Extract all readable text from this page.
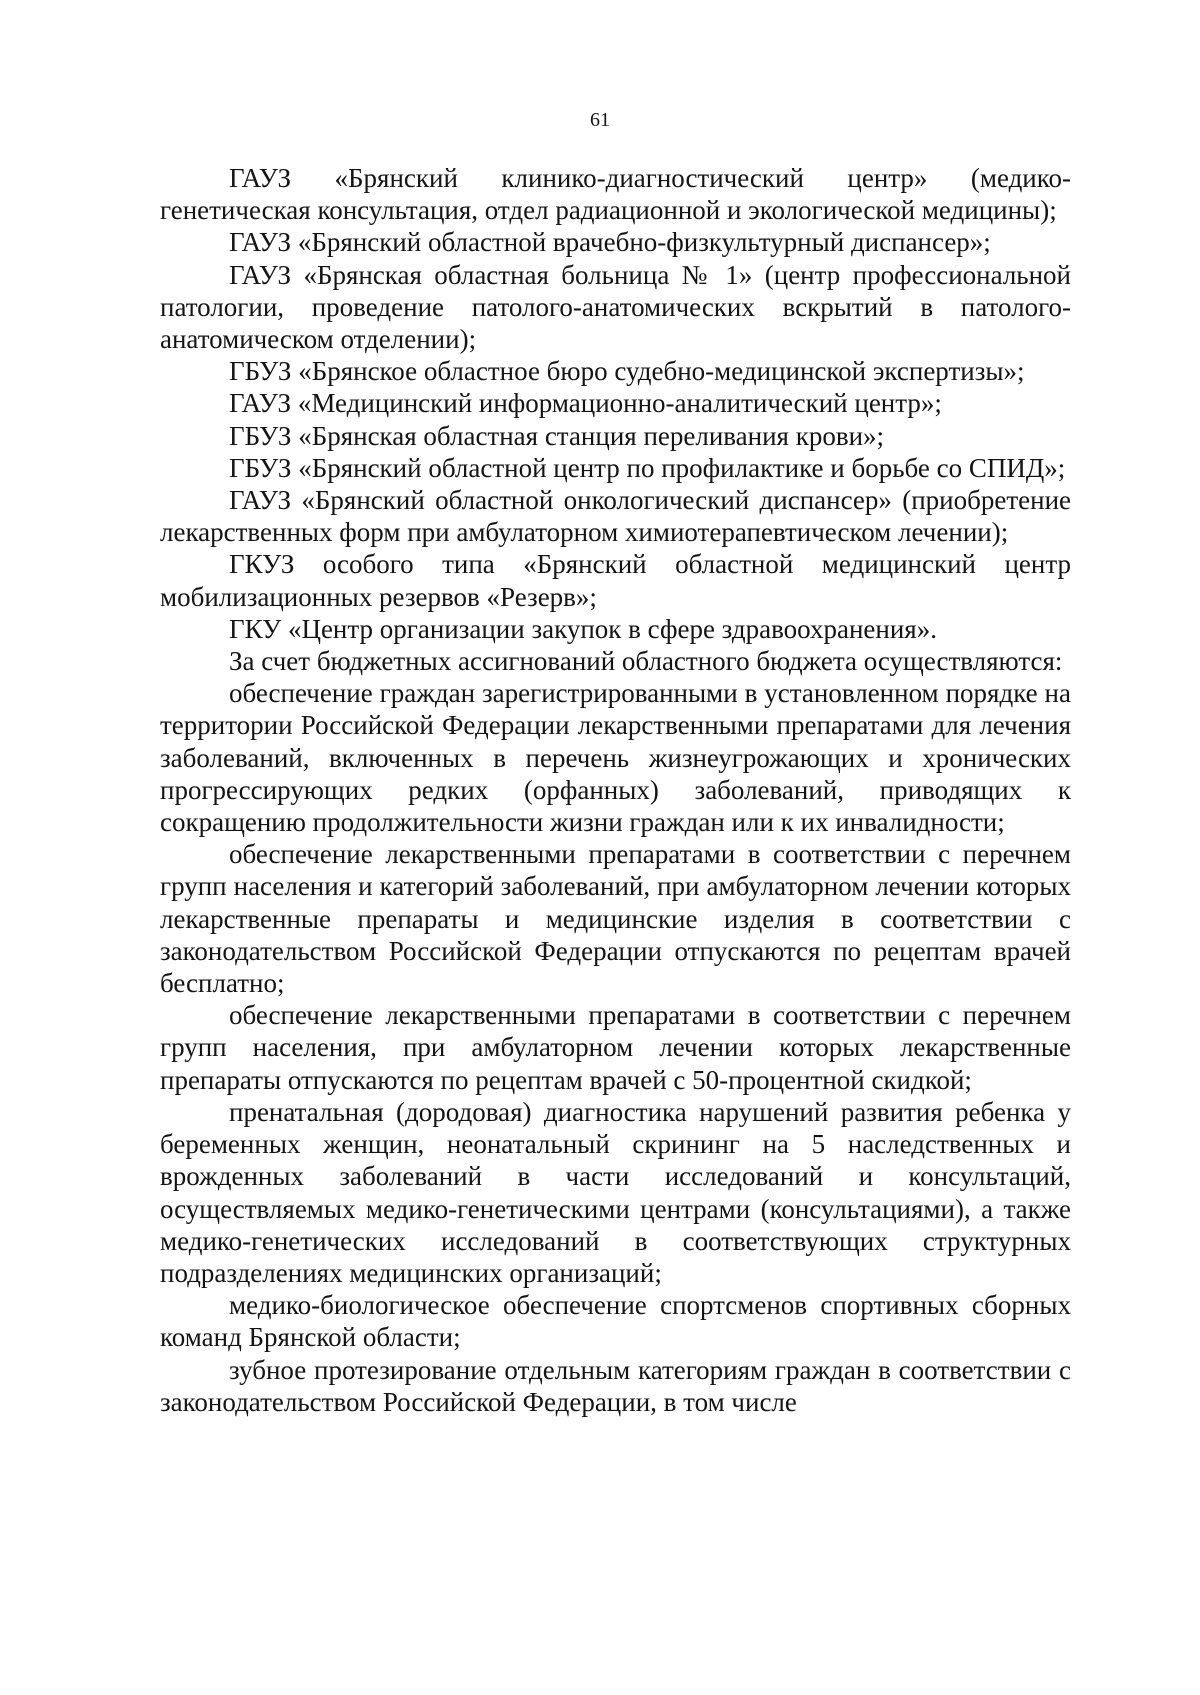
61

ГАУЗ «Брянский клинико-диагностический центр» (медико-генетическая консультация, отдел радиационной и экологической медицины);

ГАУЗ «Брянский областной врачебно-физкультурный диспансер»;

ГАУЗ «Брянская областная больница № 1» (центр профессиональной патологии, проведение патолого-анатомических вскрытий в патолого-анатомическом отделении);

ГБУЗ «Брянское областное бюро судебно-медицинской экспертизы»;

ГАУЗ «Медицинский информационно-аналитический центр»;

ГБУЗ «Брянская областная станция переливания крови»;

ГБУЗ «Брянский областной центр по профилактике и борьбе со СПИД»;

ГАУЗ «Брянский областной онкологический диспансер» (приобретение лекарственных форм при амбулаторном химиотерапевтическом лечении);

ГКУЗ особого типа «Брянский областной медицинский центр мобилизационных резервов «Резерв»;

ГКУ «Центр организации закупок в сфере здравоохранения».

За счет бюджетных ассигнований областного бюджета осуществляются:

обеспечение граждан зарегистрированными в установленном порядке на территории Российской Федерации лекарственными препаратами для лечения заболеваний, включенных в перечень жизнеугрожающих и хронических прогрессирующих редких (орфанных) заболеваний, приводящих к сокращению продолжительности жизни граждан или к их инвалидности;

обеспечение лекарственными препаратами в соответствии с перечнем групп населения и категорий заболеваний, при амбулаторном лечении которых лекарственные препараты и медицинские изделия в соответствии с законодательством Российской Федерации отпускаются по рецептам врачей бесплатно;

обеспечение лекарственными препаратами в соответствии с перечнем групп населения, при амбулаторном лечении которых лекарственные препараты отпускаются по рецептам врачей с 50-процентной скидкой;

пренатальная (дородовая) диагностика нарушений развития ребенка у беременных женщин, неонатальный скрининг на 5 наследственных и врожденных заболеваний в части исследований и консультаций, осуществляемых медико-генетическими центрами (консультациями), а также медико-генетических исследований в соответствующих структурных подразделениях медицинских организаций;

медико-биологическое обеспечение спортсменов спортивных сборных команд Брянской области;

зубное протезирование отдельным категориям граждан в соответствии с законодательством Российской Федерации, в том числе
